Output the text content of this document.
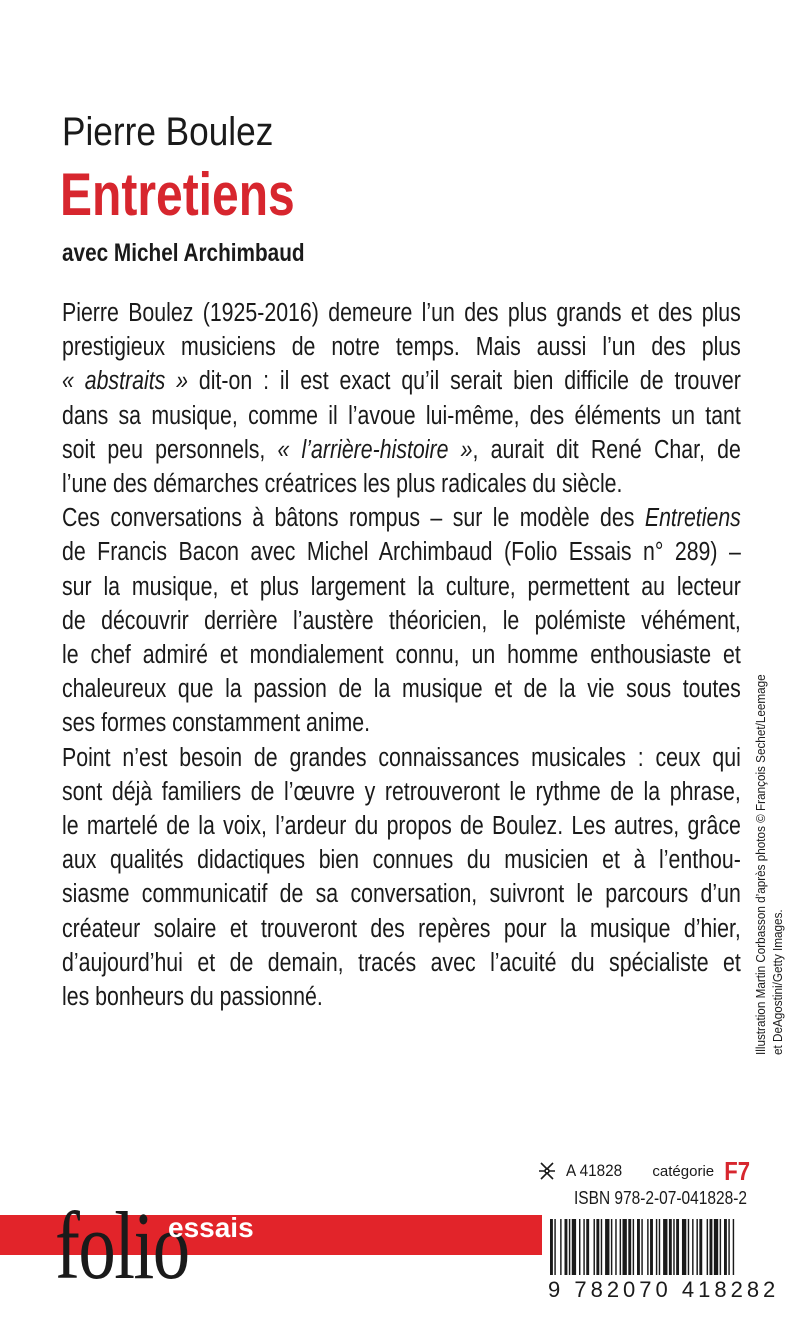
Pierre Boulez
Entretiens
avec Michel Archimbaud

Pierre Boulez (1925-2016) demeure l’un des plus grands et des plus
prestigieux musiciens de notre temps. Mais aussi l’un des plus
« abstraits » dit-on : il est exact qu’il serait bien difficile de trouver
dans sa musique, comme il l’avoue lui-même, des éléments un tant
soit peu personnels, « l’arrière-histoire », aurait dit René Char, de
l’une des démarches créatrices les plus radicales du siècle.

Ces conversations à bâtons rompus – sur le modèle des Entretiens
de Francis Bacon avec Michel Archimbaud (Folio Essais n° 289) –
sur la musique, et plus largement la culture, permettent au lecteur
de découvrir derrière l’austère théoricien, le polémiste véhément,
le chef admiré et mondialement connu, un homme enthousiaste et
chaleureux que la passion de la musique et de la vie sous toutes
ses formes constamment anime.

Point n’est besoin de grandes connaissances musicales : ceux qui
sont déjà familiers de l’œuvre y retrouveront le rythme de la phrase,
le martelé de la voix, l’ardeur du propos de Boulez. Les autres, grâce
aux qualités didactiques bien connues du musicien et à l’enthou-
siasme communicatif de sa conversation, suivront le parcours d’un
créateur solaire et trouveront des repères pour la musique d’hier,
d’aujourd’hui et de demain, tracés avec l’acuité du spécialiste et
les bonheurs du passionné.	Illustration Martin Corbasson d’après photos © François Sechet/Leemage et DeAgostini/Getty Images.
A 41828 catégorie F7
ISBN 978-2-07-041828-2
folio
essais
9 782070 418282
